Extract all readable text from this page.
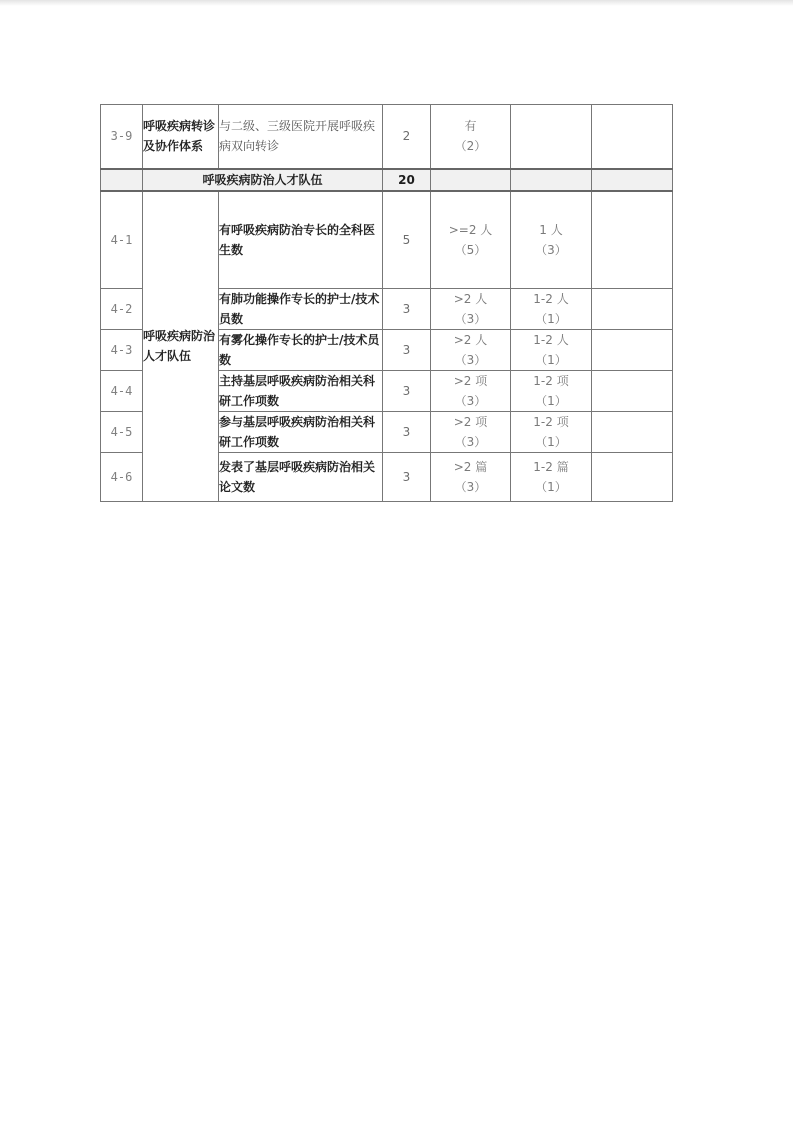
3-9	呼吸疾病转诊及协作体系	与二级、三级医院开展呼吸疾病双向转诊	2	有
（2）		

	呼吸疾病防治人才队伍		20			
4-1	呼吸疾病防治人才队伍	有呼吸疾病防治专长的全科医生数	5	>=2 人
（5）	1 人
（3）	

4-2		有肺功能操作专长的护士/技术员数	3	>2 人
（3）	1-2 人
（1）	

4-3		有雾化操作专长的护士/技术员数	3	>2 人
（3）	1-2 人
（1）	

4-4		主持基层呼吸疾病防治相关科研工作项数	3	>2 项
（3）	1-2 项
（1）	

4-5		参与基层呼吸疾病防治相关科研工作项数	3	>2 项
（3）	1-2 项
（1）	

4-6		发表了基层呼吸疾病防治相关论文数	3	>2 篇
（3）	1-2 篇
（1）	
